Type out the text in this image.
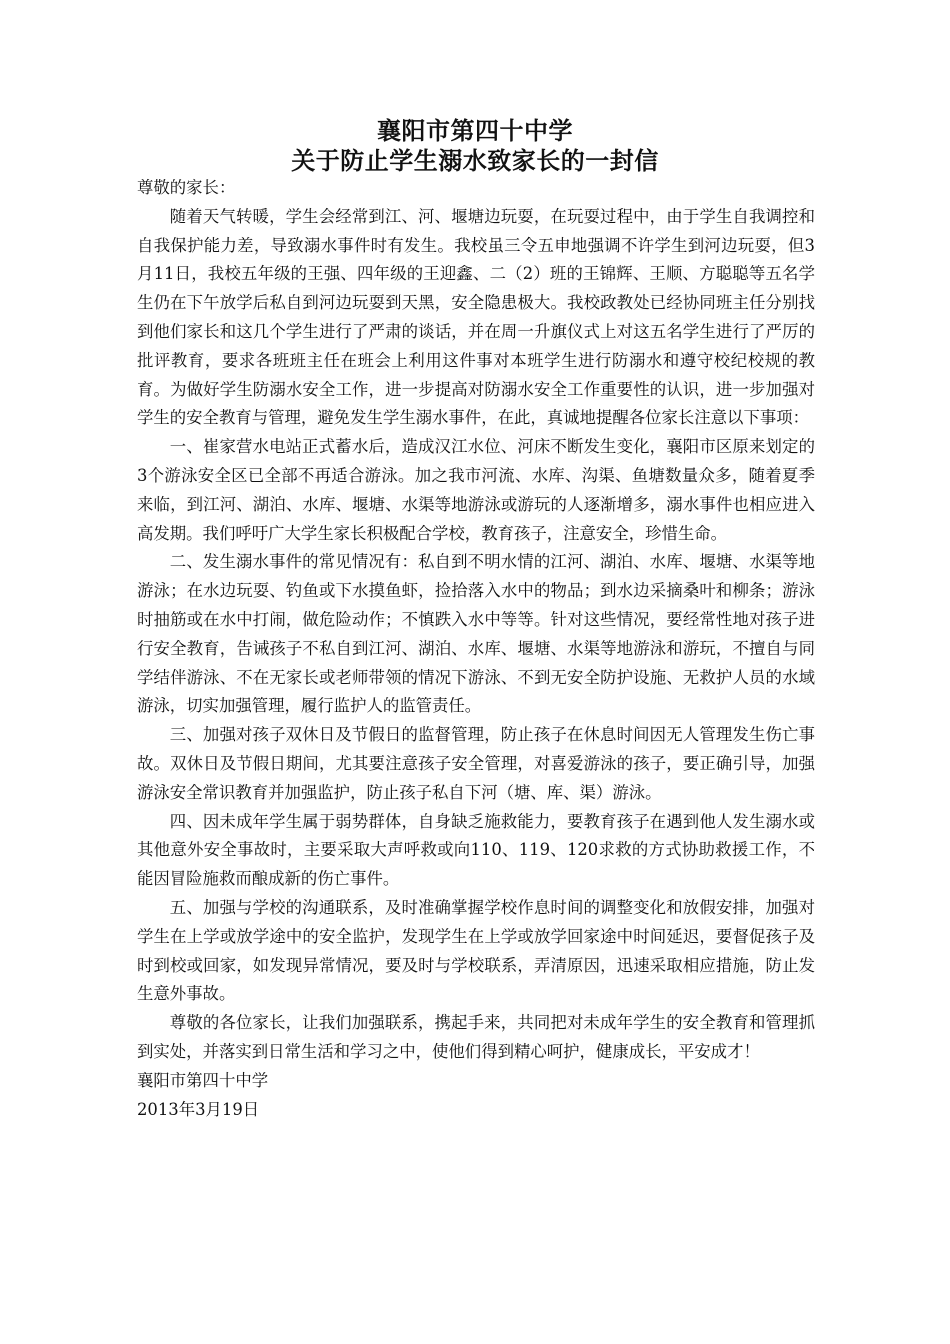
襄阳市第四十中学
关于防止学生溺水致家长的一封信

尊敬的家长：

随着天气转暖，学生会经常到江、河、堰塘边玩耍，在玩耍过程中，由于学生自我调控和自我保护能力差，导致溺水事件时有发生。我校虽三令五申地强调不许学生到河边玩耍，但3月11日，我校五年级的王强、四年级的王迎鑫、二（2）班的王锦辉、王顺、方聪聪等五名学生仍在下午放学后私自到河边玩耍到天黑，安全隐患极大。我校政教处已经协同班主任分别找到他们家长和这几个学生进行了严肃的谈话，并在周一升旗仪式上对这五名学生进行了严厉的批评教育，要求各班班主任在班会上利用这件事对本班学生进行防溺水和遵守校纪校规的教育。为做好学生防溺水安全工作，进一步提高对防溺水安全工作重要性的认识，进一步加强对学生的安全教育与管理，避免发生学生溺水事件，在此，真诚地提醒各位家长注意以下事项：

一、崔家营水电站正式蓄水后，造成汉江水位、河床不断发生变化，襄阳市区原来划定的3个游泳安全区已全部不再适合游泳。加之我市河流、水库、沟渠、鱼塘数量众多，随着夏季来临，到江河、湖泊、水库、堰塘、水渠等地游泳或游玩的人逐渐增多，溺水事件也相应进入高发期。我们呼吁广大学生家长积极配合学校，教育孩子，注意安全，珍惜生命。

二、发生溺水事件的常见情况有：私自到不明水情的江河、湖泊、水库、堰塘、水渠等地游泳；在水边玩耍、钓鱼或下水摸鱼虾，捡拾落入水中的物品；到水边采摘桑叶和柳条；游泳时抽筋或在水中打闹，做危险动作；不慎跌入水中等等。针对这些情况，要经常性地对孩子进行安全教育，告诫孩子不私自到江河、湖泊、水库、堰塘、水渠等地游泳和游玩，不擅自与同学结伴游泳、不在无家长或老师带领的情况下游泳、不到无安全防护设施、无救护人员的水域游泳，切实加强管理，履行监护人的监管责任。

三、加强对孩子双休日及节假日的监督管理，防止孩子在休息时间因无人管理发生伤亡事故。双休日及节假日期间，尤其要注意孩子安全管理，对喜爱游泳的孩子，要正确引导，加强游泳安全常识教育并加强监护，防止孩子私自下河（塘、库、渠）游泳。

四、因未成年学生属于弱势群体，自身缺乏施救能力，要教育孩子在遇到他人发生溺水或其他意外安全事故时，主要采取大声呼救或向110、119、120求救的方式协助救援工作，不能因冒险施救而酿成新的伤亡事件。

五、加强与学校的沟通联系，及时准确掌握学校作息时间的调整变化和放假安排，加强对学生在上学或放学途中的安全监护，发现学生在上学或放学回家途中时间延迟，要督促孩子及时到校或回家，如发现异常情况，要及时与学校联系，弄清原因，迅速采取相应措施，防止发生意外事故。

尊敬的各位家长，让我们加强联系，携起手来，共同把对未成年学生的安全教育和管理抓到实处，并落实到日常生活和学习之中，使他们得到精心呵护，健康成长，平安成才！

襄阳市第四十中学

2013年3月19日
